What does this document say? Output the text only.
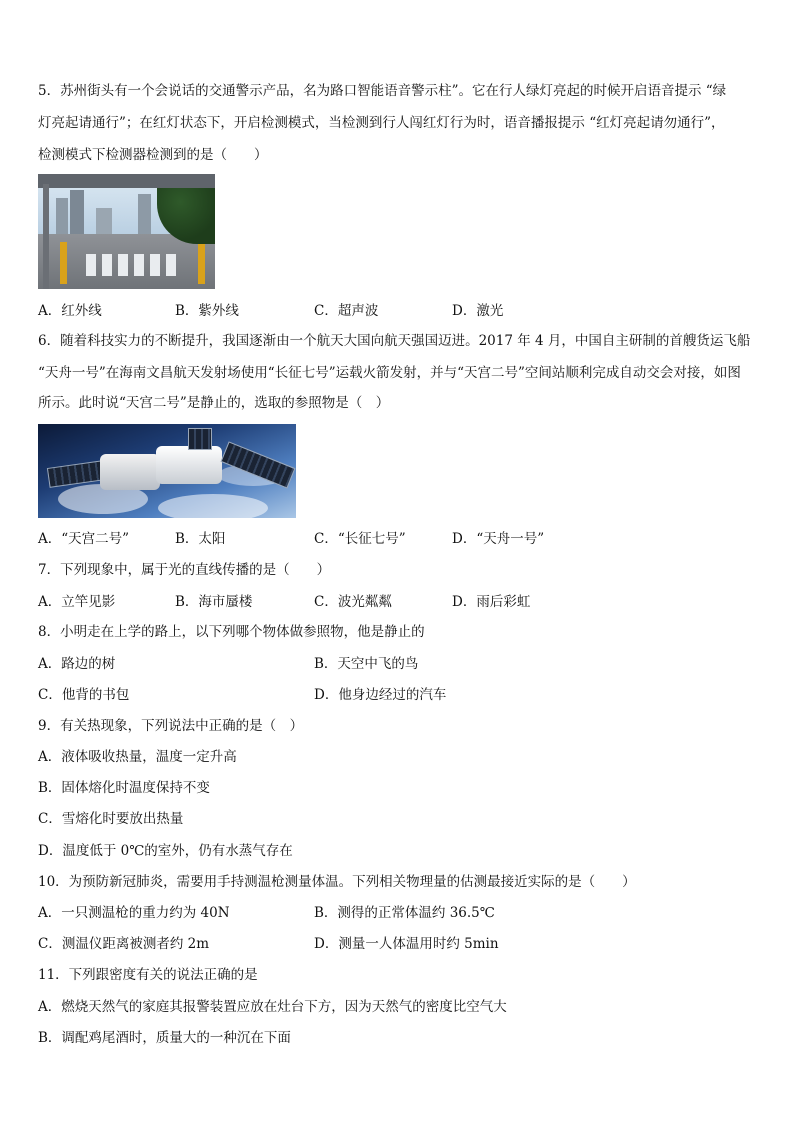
5．苏州街头有一个会说话的交通警示产品，名为路口智能语音警示柱”。它在行人绿灯亮起的时候开启语音提示 “绿
灯亮起请通行”；在红灯状态下，开启检测模式，当检测到行人闯红灯行为时，语音播报提示 “红灯亮起请勿通行”，
检测模式下检测器检测到的是（　　）
A．红外线	B．紫外线	C．超声波	D．激光
6．随着科技实力的不断提升，我国逐渐由一个航天大国向航天强国迈进。2017 年 4 月，中国自主研制的首艘货运飞船
“天舟一号”在海南文昌航天发射场使用“长征七号”运载火箭发射，并与“天宫二号”空间站顺利完成自动交会对接，如图
所示。此时说“天宫二号”是静止的，选取的参照物是（　）
A．“天宫二号”	B．太阳	C．“长征七号”	D．“天舟一号”
7．下列现象中，属于光的直线传播的是（　　）
A．立竿见影	B．海市蜃楼	C．波光粼粼	D．雨后彩虹
8．小明走在上学的路上，以下列哪个物体做参照物，他是静止的
A．路边的树	B．天空中飞的鸟
C．他背的书包	D．他身边经过的汽车
9．有关热现象，下列说法中正确的是（　）
A．液体吸收热量，温度一定升高
B．固体熔化时温度保持不变
C．雪熔化时要放出热量
D．温度低于 0℃的室外，仍有水蒸气存在
10．为预防新冠肺炎，需要用手持测温枪测量体温。下列相关物理量的估测最接近实际的是（　　）
A．一只测温枪的重力约为 40N	B．测得的正常体温约 36.5℃
C．测温仪距离被测者约 2m	D．测量一人体温用时约 5min
11．下列跟密度有关的说法正确的是
A．燃烧天然气的家庭其报警装置应放在灶台下方，因为天然气的密度比空气大
B．调配鸡尾酒时，质量大的一种沉在下面
